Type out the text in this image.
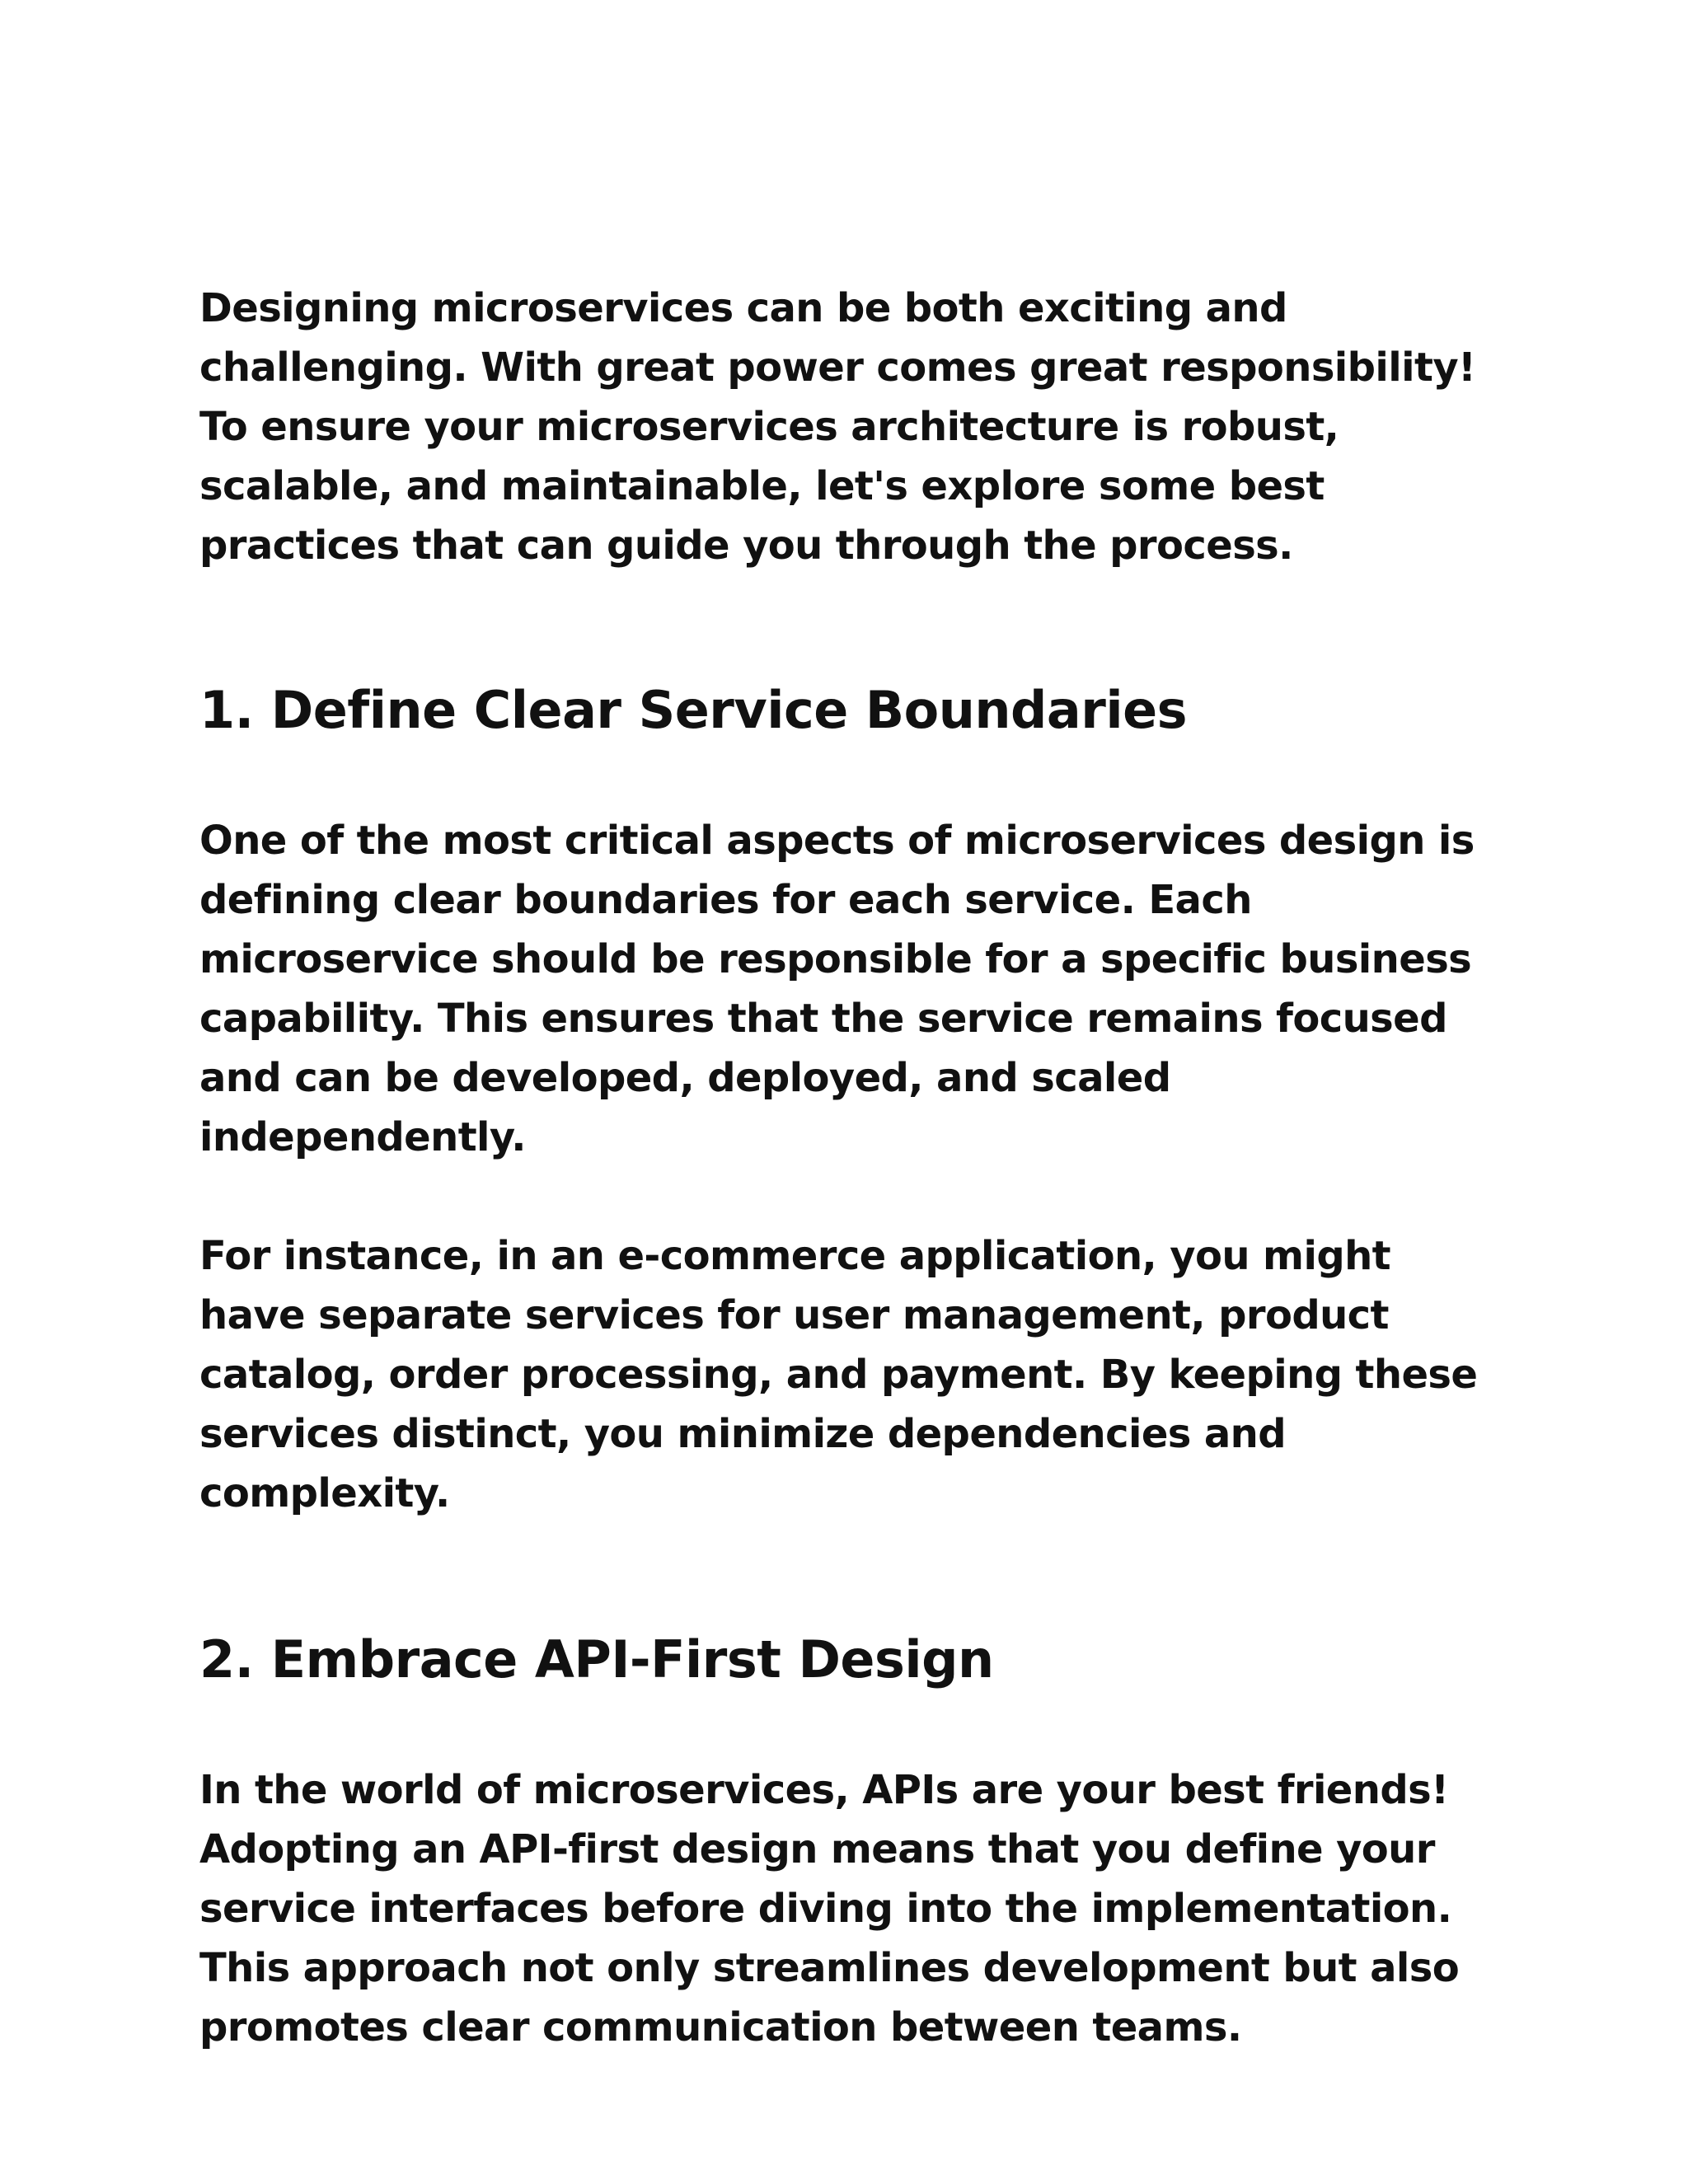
Designing microservices can be both exciting and challenging. With great power comes great responsibility! To ensure your microservices architecture is robust, scalable, and maintainable, let's explore some best practices that can guide you through the process.

1. Define Clear Service Boundaries

One of the most critical aspects of microservices design is defining clear boundaries for each service. Each microservice should be responsible for a specific business capability. This ensures that the service remains focused and can be developed, deployed, and scaled independently.

For instance, in an e-commerce application, you might have separate services for user management, product catalog, order processing, and payment. By keeping these services distinct, you minimize dependencies and complexity.

2. Embrace API-First Design

In the world of microservices, APIs are your best friends! Adopting an API-first design means that you define your service interfaces before diving into the implementation. This approach not only streamlines development but also promotes clear communication between teams.
